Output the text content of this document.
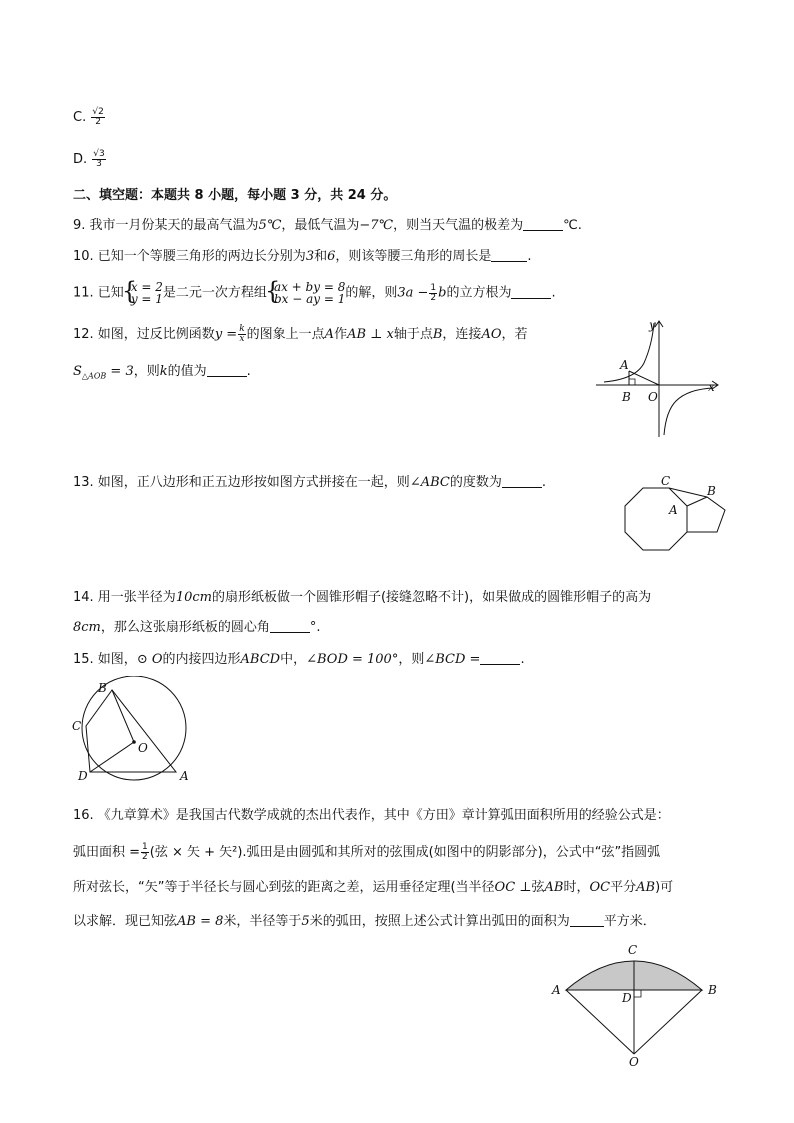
C. $\frac{√2}{2}$
D. $\frac{√3}{3}$
二、填空题：本题共 8 小题，每小题 3 分，共 24 分。
9. 我市一月份某天的最高气温为5℃，最低气温为−7℃，则当天气温的极差为	℃.
10. 已知一个等腰三角形的两边长分别为3和6，则该等腰三角形的周长是	.
11. 已知 { x = 2
y = 1是二元一次方程组 { ax + by = 8
bx − ay = 1的解，则$3a - \frac{1}{2}$ b的立方根为	.
12. 如图，过反比例函数$y = \frac{k}{x}$ 的图象上一点A作AB ⊥ x轴于点B，连接AO，若
$S_{\triangle AOB} = 3$，则k的值为	.
x
y
A
B O
13. 如图，正八边形和正五边形按如图方式拼接在一起，则∠ABC的度数为	.	C
B
A
14. 用一张半径为10cm的扇形纸板做一个圆锥形帽子(接缝忽略不计)，如果做成的圆锥形帽子的高为
8cm，那么这张扇形纸板的圆心角	°.
15. 如图，⊙ O的内接四边形ABCD中，∠BOD = 100°，则∠BCD =	.
B
C
O
D	A
16. 《九章算术》是我国古代数学成就的杰出代表作，其中《方田》章计算弧田面积所用的经验公式是：
弧田面积 = $\frac{1}{2}$ (弦 × 矢 + 矢²).弧田是由圆弧和其所对的弦围成(如图中的阴影部分)，公式中“弦”指圆弧
所对弦长，“矢”等于半径长与圆心到弦的距离之差，运用垂径定理(当半径OC ⊥弦AB时，OC平分AB)可
以求解．现已知弦AB = 8米，半径等于5米的弧田，按照上述公式计算出弧田的面积为	平方米．
C
A
D
B
O
